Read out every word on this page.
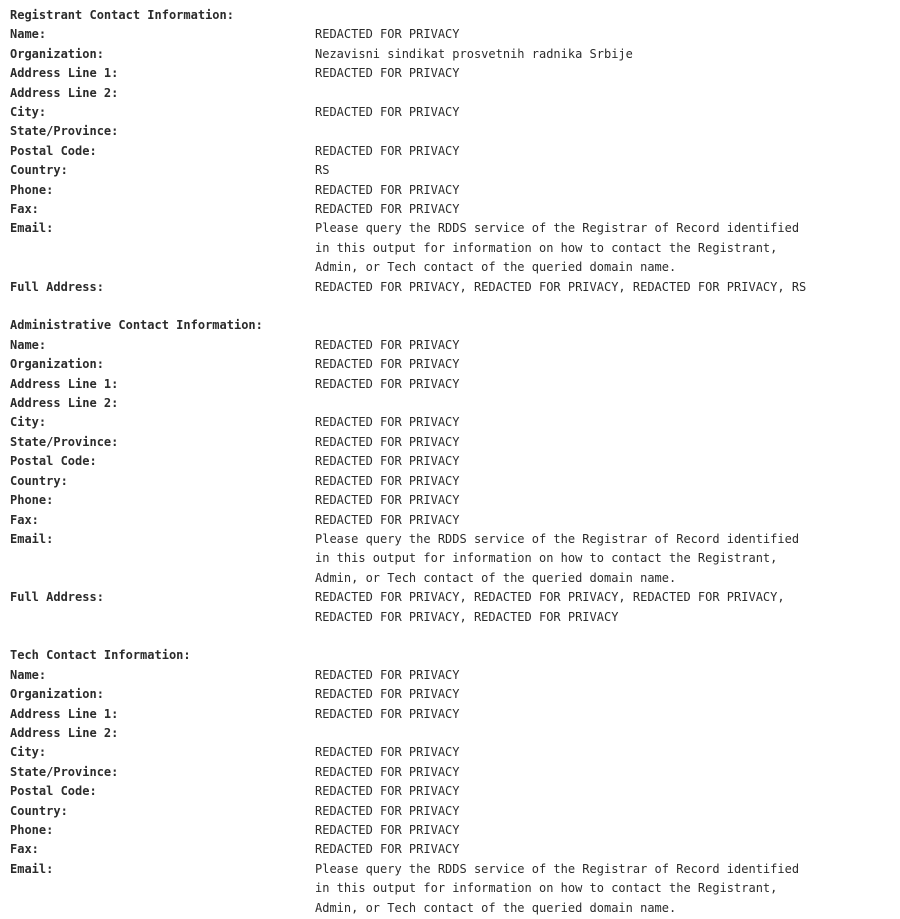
Registrant Contact Information:
Name:	REDACTED FOR PRIVACY
Organization:	Nezavisni sindikat prosvetnih radnika Srbije
Address Line 1:	REDACTED FOR PRIVACY
Address Line 2:
City:	REDACTED FOR PRIVACY
State/Province:
Postal Code:	REDACTED FOR PRIVACY
Country:	RS
Phone:	REDACTED FOR PRIVACY
Fax:	REDACTED FOR PRIVACY
Email:	Please query the RDDS service of the Registrar of Record identified
in this output for information on how to contact the Registrant,
Admin, or Tech contact of the queried domain name.
Full Address:	REDACTED FOR PRIVACY, REDACTED FOR PRIVACY, REDACTED FOR PRIVACY, RS
Administrative Contact Information:
Name:	REDACTED FOR PRIVACY
Organization:	REDACTED FOR PRIVACY
Address Line 1:	REDACTED FOR PRIVACY
Address Line 2:
City:	REDACTED FOR PRIVACY
State/Province:	REDACTED FOR PRIVACY
Postal Code:	REDACTED FOR PRIVACY
Country:	REDACTED FOR PRIVACY
Phone:	REDACTED FOR PRIVACY
Fax:	REDACTED FOR PRIVACY
Email:	Please query the RDDS service of the Registrar of Record identified
in this output for information on how to contact the Registrant,
Admin, or Tech contact of the queried domain name.
Full Address:	REDACTED FOR PRIVACY, REDACTED FOR PRIVACY, REDACTED FOR PRIVACY,
REDACTED FOR PRIVACY, REDACTED FOR PRIVACY
Tech Contact Information:
Name:	REDACTED FOR PRIVACY
Organization:	REDACTED FOR PRIVACY
Address Line 1:	REDACTED FOR PRIVACY
Address Line 2:
City:	REDACTED FOR PRIVACY
State/Province:	REDACTED FOR PRIVACY
Postal Code:	REDACTED FOR PRIVACY
Country:	REDACTED FOR PRIVACY
Phone:	REDACTED FOR PRIVACY
Fax:	REDACTED FOR PRIVACY
Email:	Please query the RDDS service of the Registrar of Record identified
in this output for information on how to contact the Registrant,
Admin, or Tech contact of the queried domain name.
